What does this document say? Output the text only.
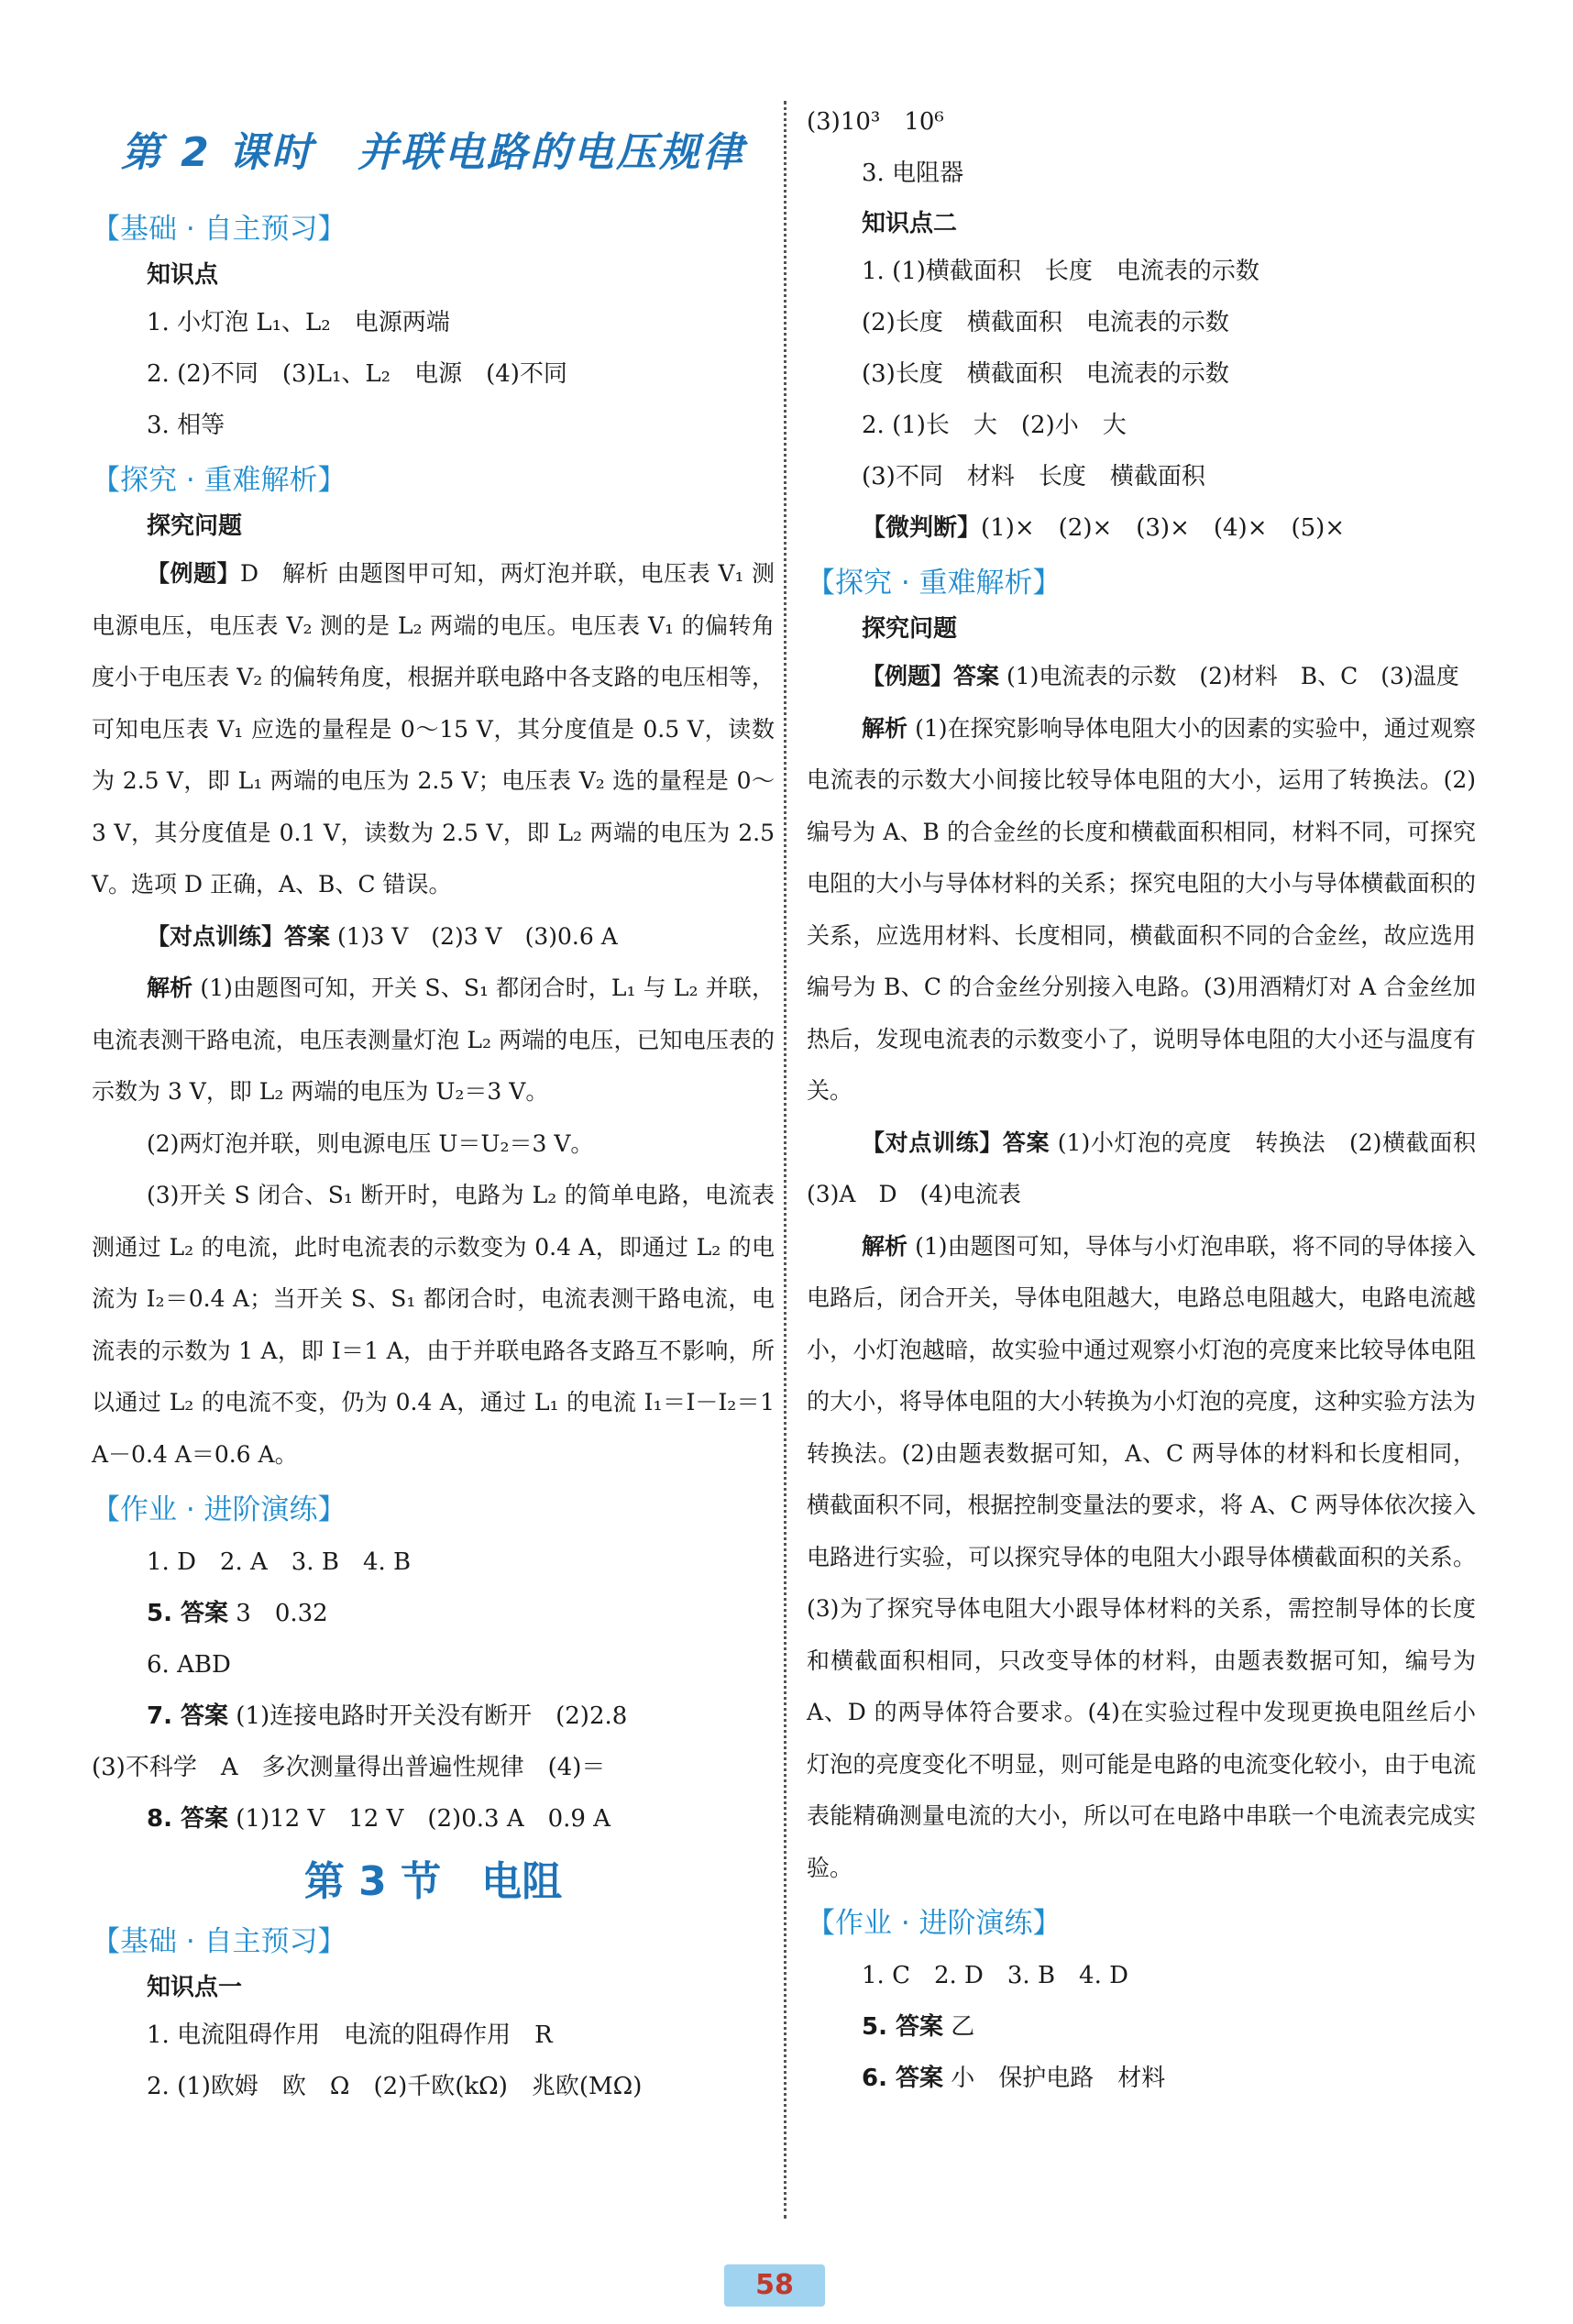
第 2 课时　并联电路的电压规律
【基础 · 自主预习】
知识点
1. 小灯泡 L₁、L₂　电源两端
2. (2)不同　(3)L₁、L₂　电源　(4)不同
3. 相等
【探究 · 重难解析】
探究问题

【例题】D　解析 由题图甲可知，两灯泡并联，电压表 V₁ 测电源电压，电压表 V₂ 测的是 L₂ 两端的电压。电压表 V₁ 的偏转角度小于电压表 V₂ 的偏转角度，根据并联电路中各支路的电压相等，可知电压表 V₁ 应选的量程是 0～15 V，其分度值是 0.5 V，读数为 2.5 V，即 L₁ 两端的电压为 2.5 V；电压表 V₂ 选的量程是 0～3 V，其分度值是 0.1 V，读数为 2.5 V，即 L₂ 两端的电压为 2.5 V。选项 D 正确，A、B、C 错误。

【对点训练】答案 (1)3 V　(2)3 V　(3)0.6 A

解析 (1)由题图可知，开关 S、S₁ 都闭合时，L₁ 与 L₂ 并联，电流表测干路电流，电压表测量灯泡 L₂ 两端的电压，已知电压表的示数为 3 V，即 L₂ 两端的电压为 U₂＝3 V。

(2)两灯泡并联，则电源电压 U＝U₂＝3 V。

(3)开关 S 闭合、S₁ 断开时，电路为 L₂ 的简单电路，电流表测通过 L₂ 的电流，此时电流表的示数变为 0.4 A，即通过 L₂ 的电流为 I₂＝0.4 A；当开关 S、S₁ 都闭合时，电流表测干路电流，电流表的示数为 1 A，即 I＝1 A，由于并联电路各支路互不影响，所以通过 L₂ 的电流不变，仍为 0.4 A，通过 L₁ 的电流 I₁＝I－I₂＝1 A－0.4 A＝0.6 A。

【作业 · 进阶演练】
1. D　2. A　3. B　4. B
5. 答案 3　0.32
6. ABD
7. 答案 (1)连接电路时开关没有断开　(2)2.8
(3)不科学　A　多次测量得出普遍性规律　(4)＝
8. 答案 (1)12 V　12 V　(2)0.3 A　0.9 A
第 3 节　电阻
【基础 · 自主预习】
知识点一
1. 电流阻碍作用　电流的阻碍作用　R
2. (1)欧姆　欧　Ω　(2)千欧(kΩ)　兆欧(MΩ)
(3)10³　10⁶
3. 电阻器
知识点二
1. (1)横截面积　长度　电流表的示数
(2)长度　横截面积　电流表的示数
(3)长度　横截面积　电流表的示数
2. (1)长　大　(2)小　大
(3)不同　材料　长度　横截面积
【微判断】(1)×　(2)×　(3)×　(4)×　(5)×
【探究 · 重难解析】
探究问题

【例题】答案 (1)电流表的示数　(2)材料　B、C　(3)温度

解析 (1)在探究影响导体电阻大小的因素的实验中，通过观察电流表的示数大小间接比较导体电阻的大小，运用了转换法。(2)编号为 A、B 的合金丝的长度和横截面积相同，材料不同，可探究电阻的大小与导体材料的关系；探究电阻的大小与导体横截面积的关系，应选用材料、长度相同，横截面积不同的合金丝，故应选用编号为 B、C 的合金丝分别接入电路。(3)用酒精灯对 A 合金丝加热后，发现电流表的示数变小了，说明导体电阻的大小还与温度有关。

【对点训练】答案 (1)小灯泡的亮度　转换法　(2)横截面积　(3)A　D　(4)电流表

解析 (1)由题图可知，导体与小灯泡串联，将不同的导体接入电路后，闭合开关，导体电阻越大，电路总电阻越大，电路电流越小，小灯泡越暗，故实验中通过观察小灯泡的亮度来比较导体电阻的大小，将导体电阻的大小转换为小灯泡的亮度，这种实验方法为转换法。(2)由题表数据可知，A、C 两导体的材料和长度相同，横截面积不同，根据控制变量法的要求，将 A、C 两导体依次接入电路进行实验，可以探究导体的电阻大小跟导体横截面积的关系。(3)为了探究导体电阻大小跟导体材料的关系，需控制导体的长度和横截面积相同，只改变导体的材料，由题表数据可知，编号为 A、D 的两导体符合要求。(4)在实验过程中发现更换电阻丝后小灯泡的亮度变化不明显，则可能是电路的电流变化较小，由于电流表能精确测量电流的大小，所以可在电路中串联一个电流表完成实验。

【作业 · 进阶演练】
1. C　2. D　3. B　4. D
5. 答案 乙
6. 答案 小　保护电路　材料
58
